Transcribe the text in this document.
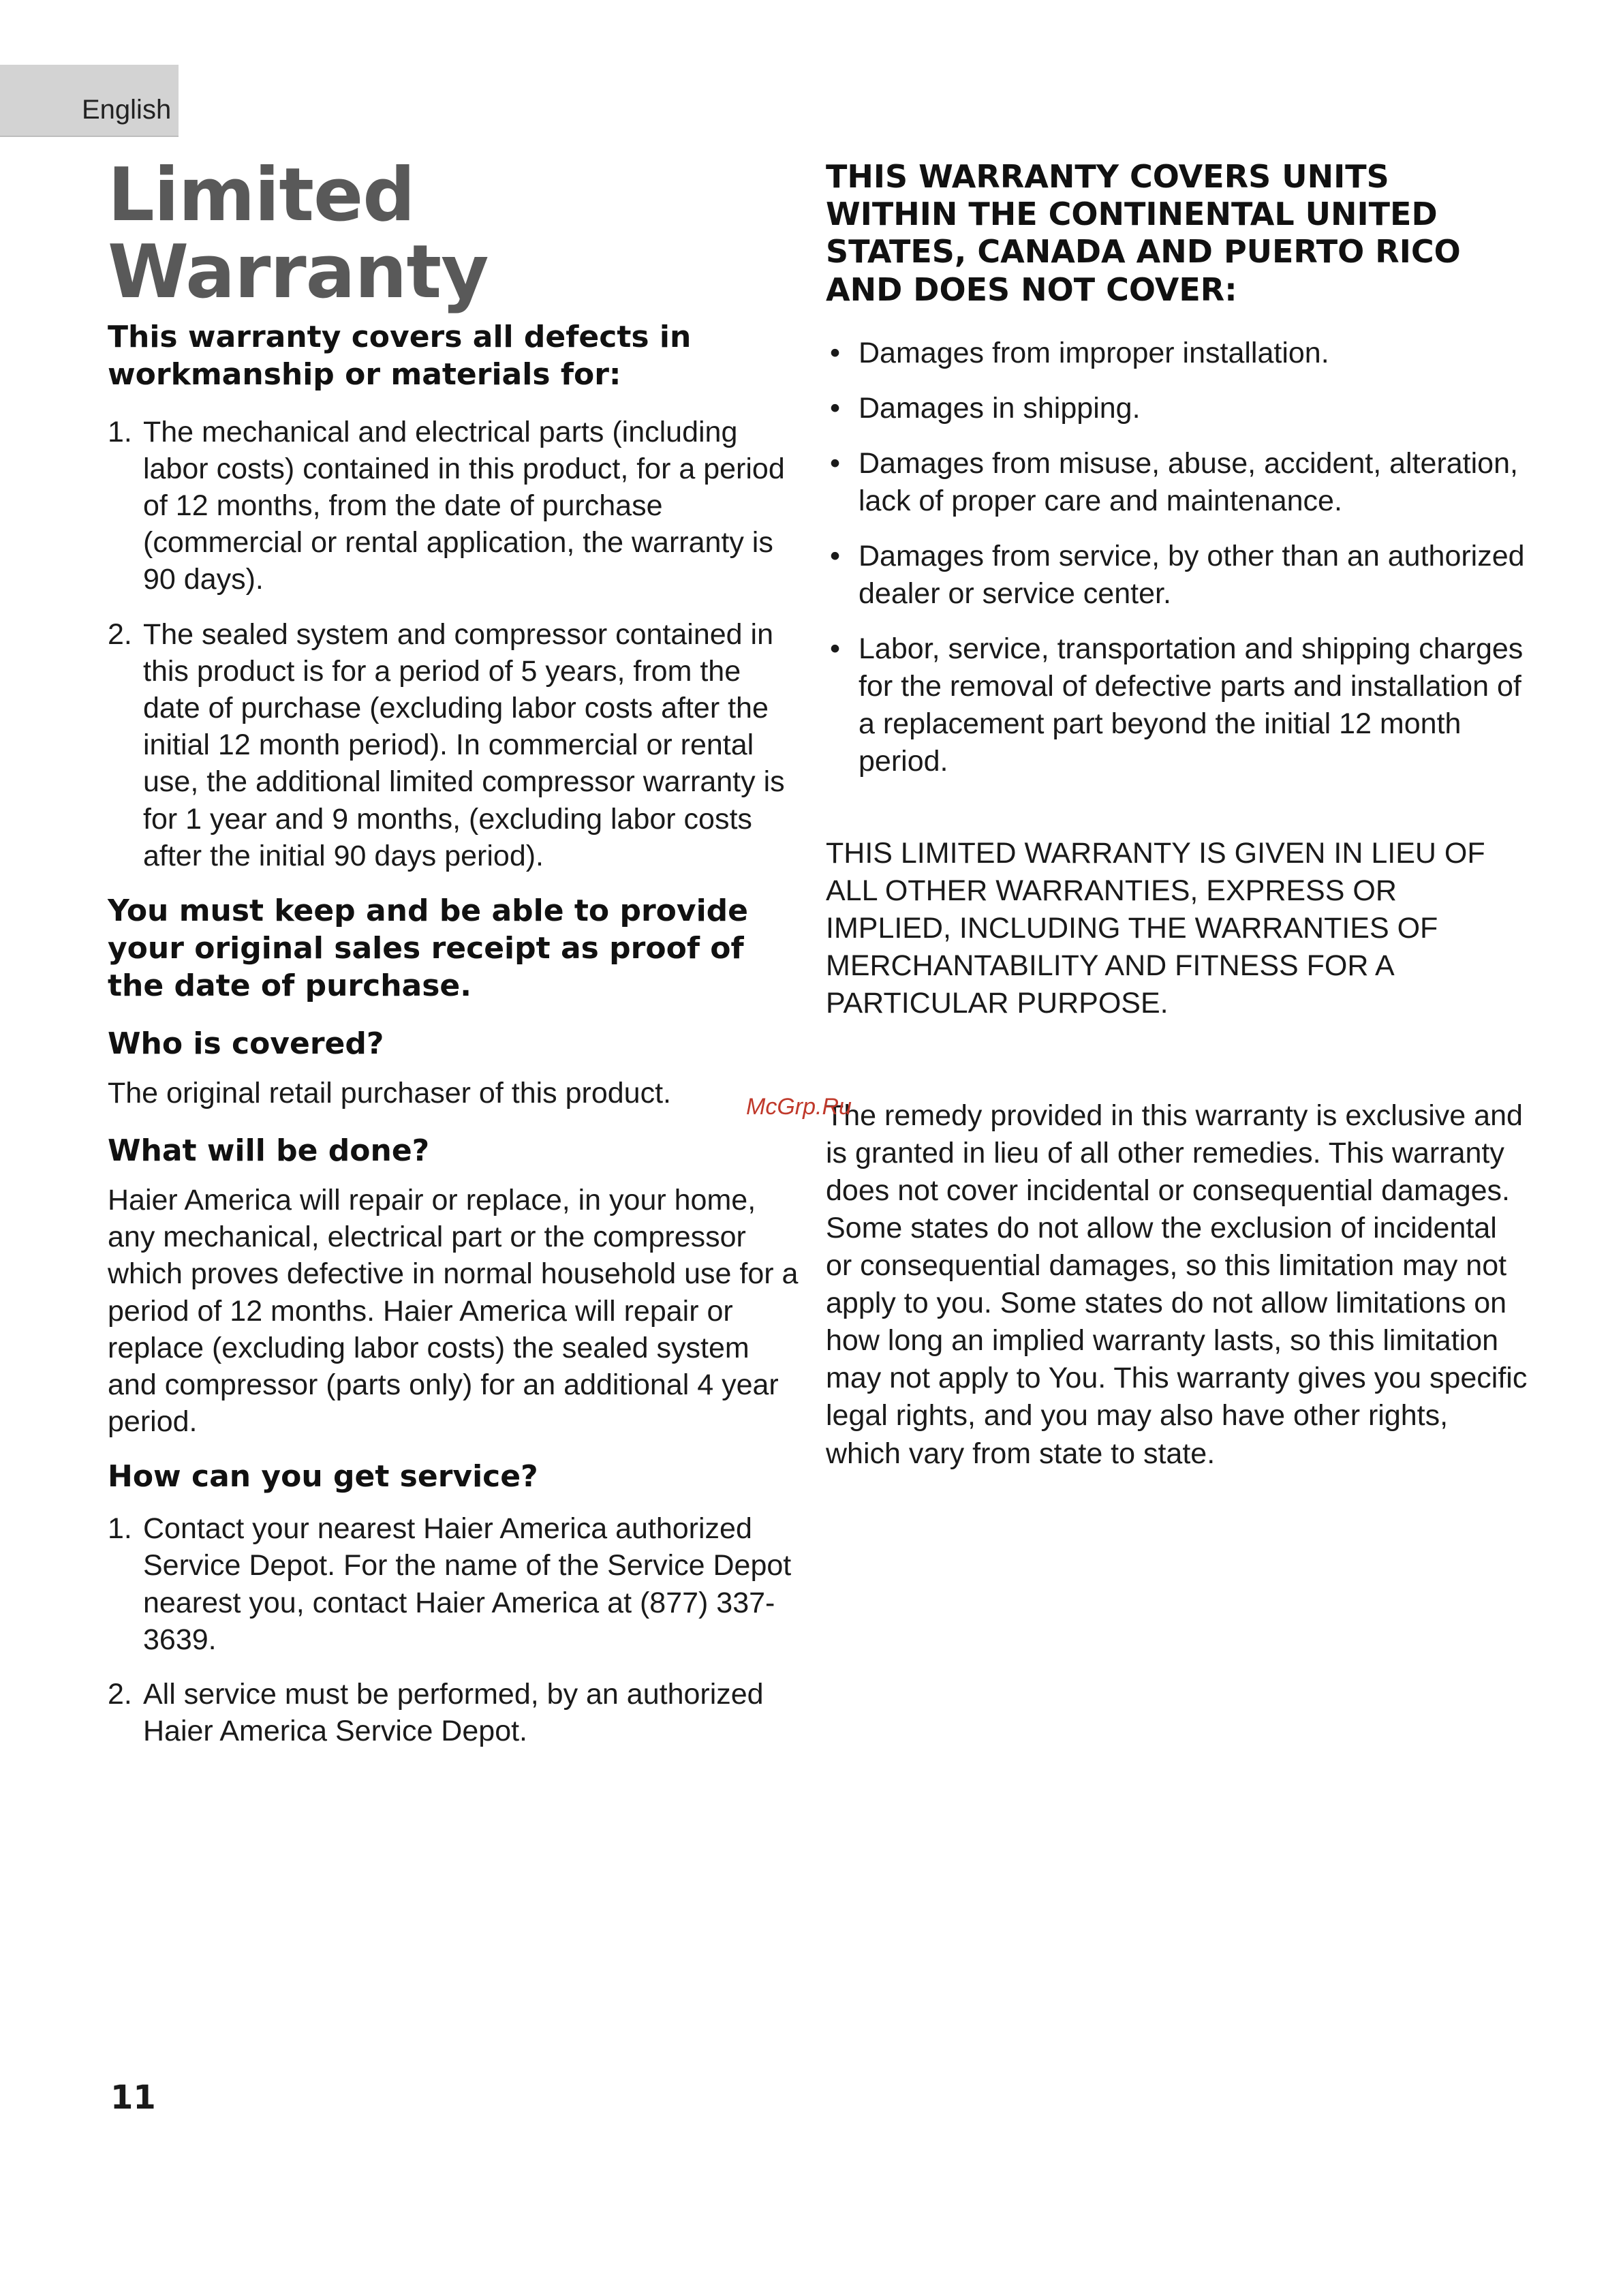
English
Limited Warranty
This warranty covers all defects in workmanship or materials for:
1. The mechanical and electrical parts (including labor costs) contained in this product, for a period of 12 months, from the date of purchase (commercial or rental application, the warranty is 90 days).
2. The sealed system and compressor contained in this product is for a period of 5 years, from the date of purchase (excluding labor costs after the initial 12 month period). In commercial or rental use, the additional limited compressor warranty is for 1 year and 9 months, (excluding labor costs after the initial 90 days period).
You must keep and be able to provide your original sales receipt as proof of the date of purchase.
Who is covered?

The original retail purchaser of this product.

What will be done?

Haier America will repair or replace, in your home, any mechanical, electrical part or the compressor which proves defective in normal household use for a period of 12 months. Haier America will repair or replace (excluding labor costs) the sealed system and compressor (parts only) for an additional 4 year period.

How can you get service?
1. Contact your nearest Haier America authorized Service Depot. For the name of the Service Depot nearest you, contact Haier America at (877) 337-3639.
2. All service must be performed, by an authorized Haier America Service Depot.
THIS WARRANTY COVERS UNITS WITHIN THE CONTINENTAL UNITED STATES, CANADA AND PUERTO RICO AND DOES NOT COVER:
• Damages from improper installation.
• Damages in shipping.
• Damages from misuse, abuse, accident, alteration, lack of proper care and maintenance.
• Damages from service, by other than an authorized dealer or service center.
• Labor, service, transportation and shipping charges for the removal of defective parts and installation of a replacement part beyond the initial 12 month period.
THIS LIMITED WARRANTY IS GIVEN IN LIEU OF ALL OTHER WARRANTIES, EXPRESS OR IMPLIED, INCLUDING THE WARRANTIES OF MERCHANTABILITY AND FITNESS FOR A PARTICULAR PURPOSE.

The remedy provided in this warranty is exclusive and is granted in lieu of all other remedies. This warranty does not cover incidental or consequential damages. Some states do not allow the exclusion of incidental or consequential damages, so this limitation may not apply to you. Some states do not allow limitations on how long an implied warranty lasts, so this limitation may not apply to You. This warranty gives you specific legal rights, and you may also have other rights, which vary from state to state.

McGrp.Ru
11
